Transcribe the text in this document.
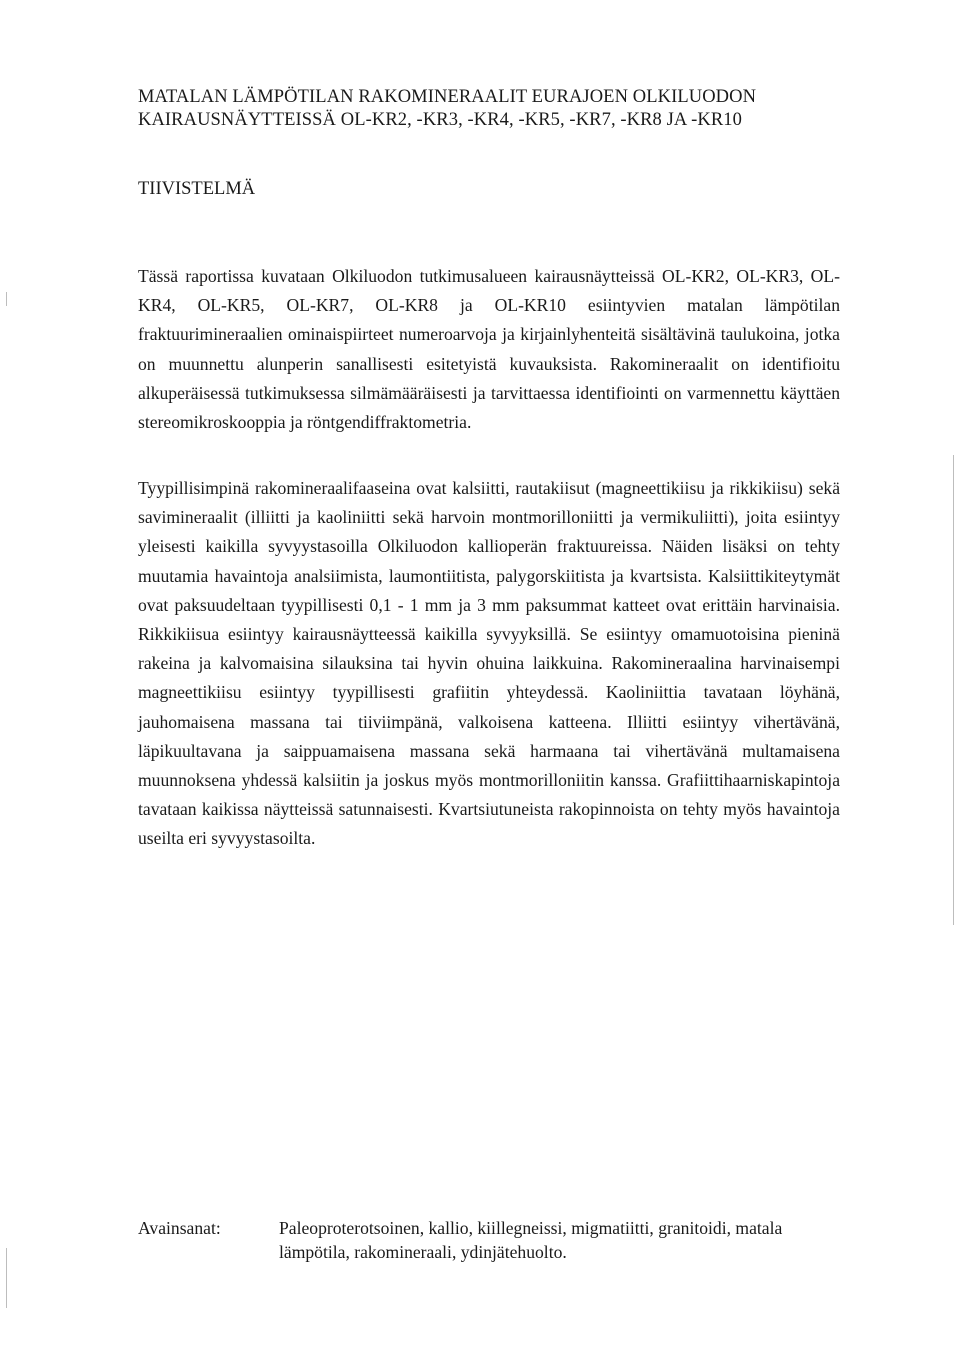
MATALAN LÄMPÖTILAN RAKOMINERAALIT EURAJOEN OLKILUODON
KAIRAUSNÄYTTEISSÄ OL-KR2, -KR3, -KR4, -KR5, -KR7, -KR8 JA -KR10
TIIVISTELMÄ

Tässä raportissa kuvataan Olkiluodon tutkimusalueen kairausnäytteissä OL-KR2, OL-KR3, OL-KR4, OL-KR5, OL-KR7, OL-KR8 ja OL-KR10 esiintyvien matalan lämpötilan fraktuurimineraalien ominaispiirteet numeroarvoja ja kirjainlyhenteitä sisältävinä taulukoina, jotka on muunnettu alunperin sanallisesti esitetyistä kuvauksista. Rakomineraalit on identifioitu alkuperäisessä tutkimuksessa silmämääräisesti ja tarvittaessa identifiointi on varmennettu käyttäen stereomikroskooppia ja röntgendiffraktometria.

Tyypillisimpinä rakomineraalifaaseina ovat kalsiitti, rautakiisut (magneettikiisu ja rikkikiisu) sekä savimineraalit (illiitti ja kaoliniitti sekä harvoin montmorilloniitti ja vermikuliitti), joita esiintyy yleisesti kaikilla syvyystasoilla Olkiluodon kallioperän fraktuureissa. Näiden lisäksi on tehty muutamia havaintoja analsiimista, laumontiitista, palygorskiitista ja kvartsista. Kalsiittikiteytymät ovat paksuudeltaan tyypillisesti 0,1 - 1 mm ja 3 mm paksummat katteet ovat erittäin harvinaisia. Rikkikiisua esiintyy kairausnäytteessä kaikilla syvyyksillä. Se esiintyy omamuotoisina pieninä rakeina ja kalvomaisina silauksina tai hyvin ohuina laikkuina. Rakomineraalina harvinaisempi magneettikiisu esiintyy tyypillisesti grafiitin yhteydessä. Kaoliniittia tavataan löyhänä, jauhomaisena massana tai tiiviimpänä, valkoisena katteena. Illiitti esiintyy vihertävänä, läpikuultavana ja saippuamaisena massana sekä harmaana tai vihertävänä multamaisena muunnoksena yhdessä kalsiitin ja joskus myös montmorilloniitin kanssa. Grafiittihaarniskapintoja tavataan kaikissa näytteissä satunnaisesti. Kvartsiutuneista rakopinnoista on tehty myös havaintoja useilta eri syvyystasoilta.

Avainsanat:	Paleoproterotsoinen, kallio, kiillegneissi, migmatiitti, granitoidi, matala lämpötila, rakomineraali, ydinjätehuolto.
